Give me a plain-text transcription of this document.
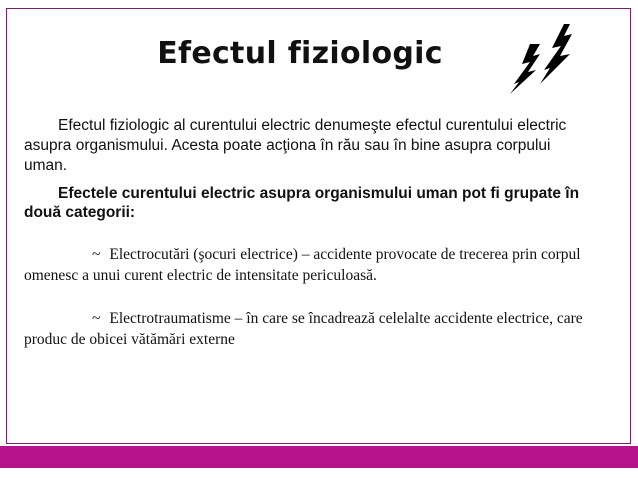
Efectul fiziologic

Efectul fiziologic al curentului electric denumeşte efectul curentului electric asupra organismului. Acesta poate acţiona în rău sau în bine asupra corpului uman.

Efectele curentului electric asupra organismului uman pot fi grupate în două categorii:

~ Electrocutări (şocuri electrice) – accidente provocate de trecerea prin corpul omenesc a unui curent electric de intensitate periculoasă.

~ Electrotraumatisme – în care se încadrează celelalte accidente electrice, care produc de obicei vătămări externe
